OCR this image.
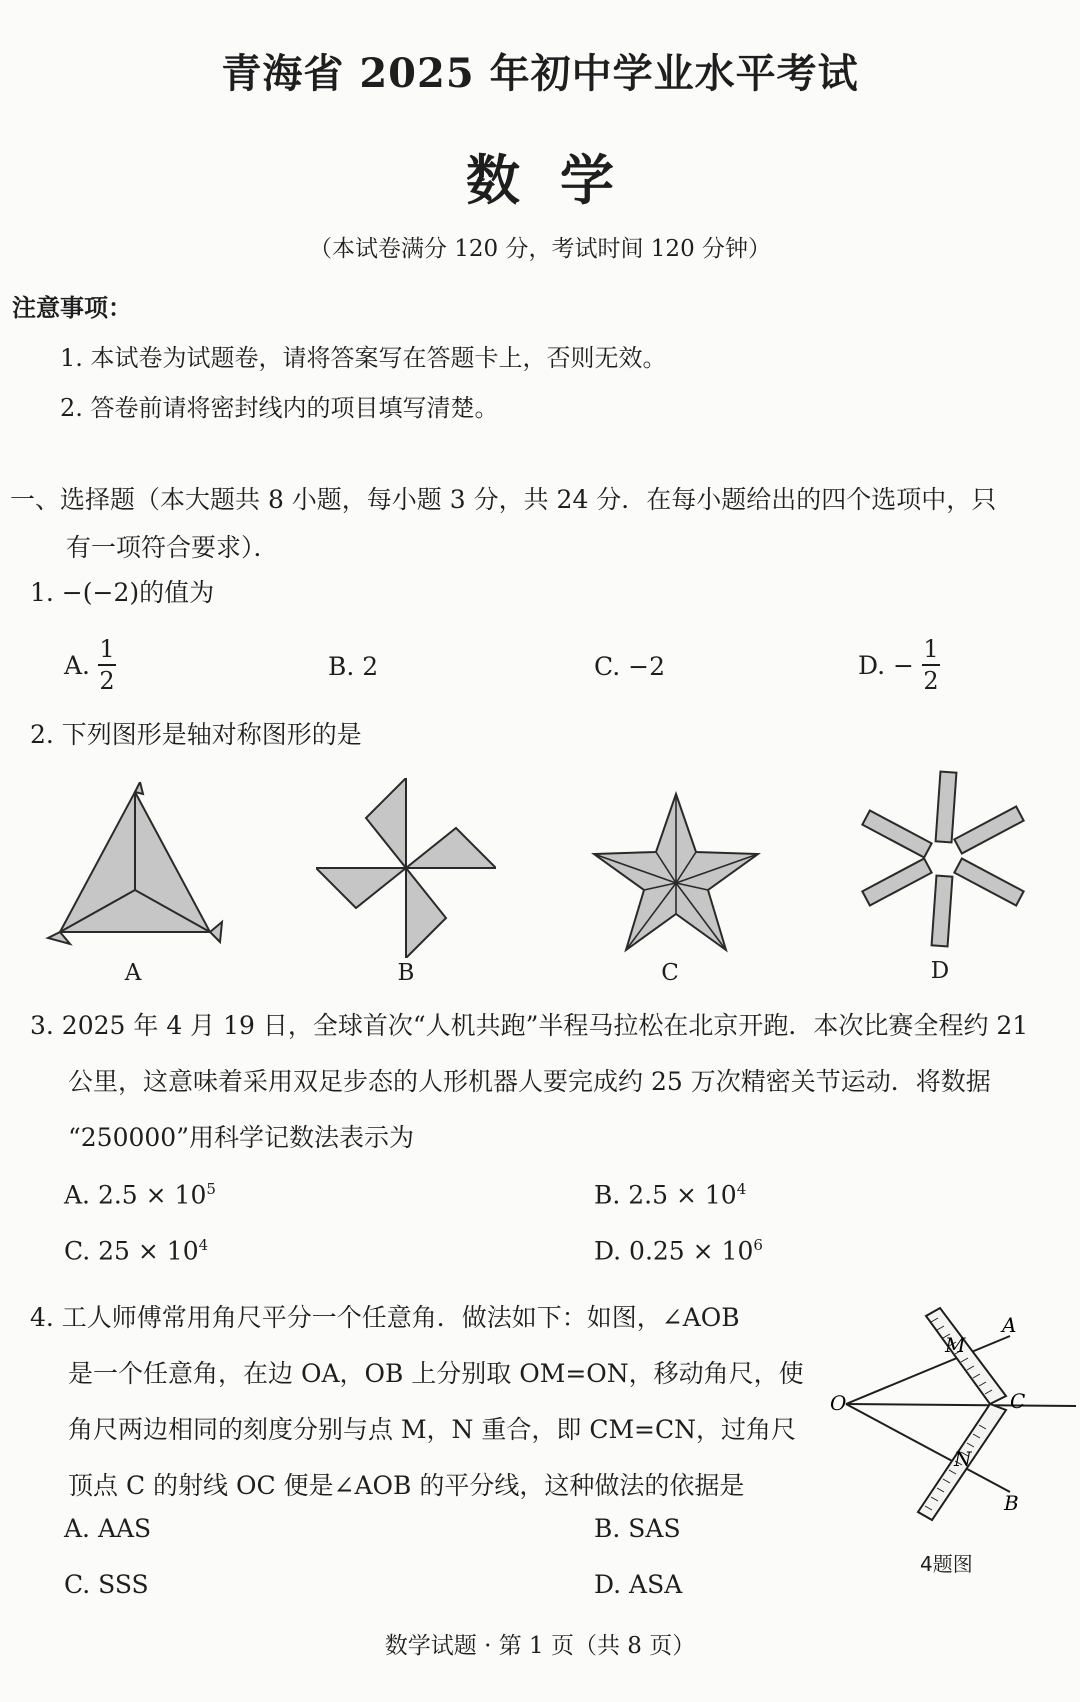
青海省 2025 年初中学业水平考试
数学
（本试卷满分 120 分，考试时间 120 分钟）
注意事项：
1. 本试卷为试题卷，请将答案写在答题卡上，否则无效。
2. 答卷前请将密封线内的项目填写清楚。
一、选择题（本大题共 8 小题，每小题 3 分，共 24 分．在每小题给出的四个选项中，只
有一项符合要求）．
1. −(−2)的值为
A. $\frac{1}{2}$	B. 2	C. −2	D. − $\frac{1}{2}$
2. 下列图形是轴对称图形的是
A	B	C	D
3. 2025 年 4 月 19 日，全球首次“人机共跑”半程马拉松在北京开跑．本次比赛全程约 21
公里，这意味着采用双足步态的人形机器人要完成约 25 万次精密关节运动．将数据
“250000”用科学记数法表示为
A. $2.5 \times 10^5$	B. $2.5 \times 10^4$
C. $25 \times 10^4$	D. $0.25 \times 10^6$
4. 工人师傅常用角尺平分一个任意角．做法如下：如图，∠AOB
是一个任意角，在边 OA，OB 上分别取 OM=ON，移动角尺，使
角尺两边相同的刻度分别与点 M，N 重合，即 CM=CN，过角尺
顶点 C 的射线 OC 便是∠AOB 的平分线，这种做法的依据是
A. AAS	B. SAS
C. SSS	D. ASA
M
A
O	C
N
B
4题图
数学试题 · 第 1 页（共 8 页）
